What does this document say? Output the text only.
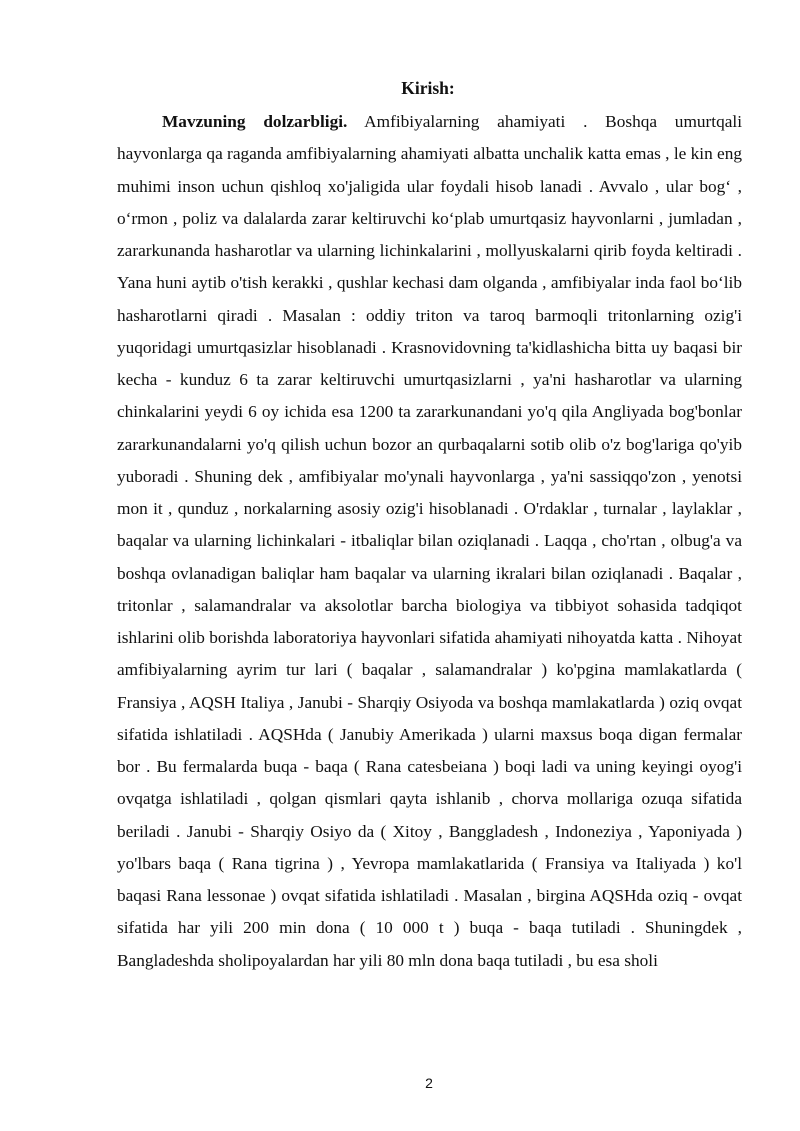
Kirish:

Mavzuning dolzarbligi. Amfibiyalarning ahamiyati . Boshqa umurtqali hayvonlarga qa raganda amfibiyalarning ahamiyati albatta unchalik katta emas , le kin eng muhimi inson uchun qishloq xo'jaligida ular foydali hisob lanadi . Avvalo , ular bog‘ , o‘rmon , poliz va dalalarda zarar keltiruvchi ko‘plab umurtqasiz hayvonlarni , jumladan , zararkunanda hasharotlar va ularning lichinkalarini , mollyuskalarni qirib foyda keltiradi . Yana huni aytib o'tish kerakki , qushlar kechasi dam olganda , amfibiyalar inda faol bo‘lib hasharotlarni qiradi . Masalan : oddiy triton va taroq barmoqli tritonlarning ozig'i yuqoridagi umurtqasizlar hisoblanadi . Krasnovidovning ta'kidlashicha bitta uy baqasi bir kecha - kunduz 6 ta zarar keltiruvchi umurtqasizlarni , ya'ni hasharotlar va ularning chinkalarini yeydi 6 oy ichida esa 1200 ta zararkunandani yo'q qila Angliyada bog'bonlar zararkunandalarni yo'q qilish uchun bozor an qurbaqalarni sotib olib o'z bog'lariga qo'yib yuboradi . Shuning dek , amfibiyalar mo'ynali hayvonlarga , ya'ni sassiqqo'zon , yenotsi mon it , qunduz , norkalarning asosiy ozig'i hisoblanadi . O'rdaklar , turnalar , laylaklar , baqalar va ularning lichinkalari - itbaliqlar bilan oziqlanadi . Laqqa , cho'rtan , olbug'a va boshqa ovlanadigan baliqlar ham baqalar va ularning ikralari bilan oziqlanadi . Baqalar , tritonlar , salamandralar va aksolotlar barcha biologiya va tibbiyot sohasida tadqiqot ishlarini olib borishda laboratoriya hayvonlari sifatida ahamiyati nihoyatda katta . Nihoyat amfibiyalarning ayrim tur lari ( baqalar , salamandralar ) ko'pgina mamlakatlarda ( Fransiya , AQSH Italiya , Janubi - Sharqiy Osiyoda va boshqa mamlakatlarda ) oziq ovqat sifatida ishlatiladi . AQSHda ( Janubiy Amerikada ) ularni maxsus boqa digan fermalar bor . Bu fermalarda buqa - baqa ( Rana catesbeiana ) boqi ladi va uning keyingi oyog'i ovqatga ishlatiladi , qolgan qismlari qayta ishlanib , chorva mollariga ozuqa sifatida beriladi . Janubi - Sharqiy Osiyo da ( Xitoy , Banggladesh , Indoneziya , Yaponiyada ) yo'lbars baqa ( Rana tigrina ) , Yevropa mamlakatlarida ( Fransiya va Italiyada ) ko'l baqasi Rana lessonae ) ovqat sifatida ishlatiladi . Masalan , birgina AQSHda oziq - ovqat sifatida har yili 200 min dona ( 10 000 t ) buqa - baqa tutiladi . Shuningdek , Bangladeshda sholipoyalardan har yili 80 mln dona baqa tutiladi , bu esa sholi

2
